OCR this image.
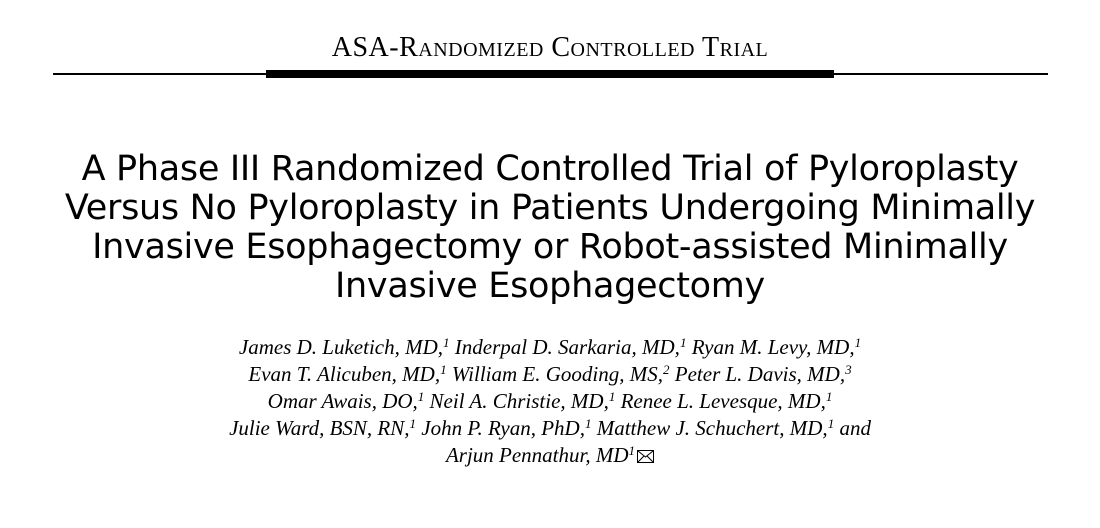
ASA-Randomized Controlled Trial
A Phase III Randomized Controlled Trial of Pyloroplasty Versus No Pyloroplasty in Patients Undergoing Minimally Invasive Esophagectomy or Robot-assisted Minimally Invasive Esophagectomy
James D. Luketich, MD,$^1$ Inderpal D. Sarkaria, MD,$^1$ Ryan M. Levy, MD,$^1$
Evan T. Alicuben, MD,$^1$ William E. Gooding, MS,$^2$ Peter L. Davis, MD,$^3$
Omar Awais, DO,$^1$ Neil A. Christie, MD,$^1$ Renee L. Levesque, MD,$^1$
Julie Ward, BSN, RN,$^1$ John P. Ryan, PhD,$^1$ Matthew J. Schuchert, MD,$^1$ and
Arjun Pennathur, $MD^1$
